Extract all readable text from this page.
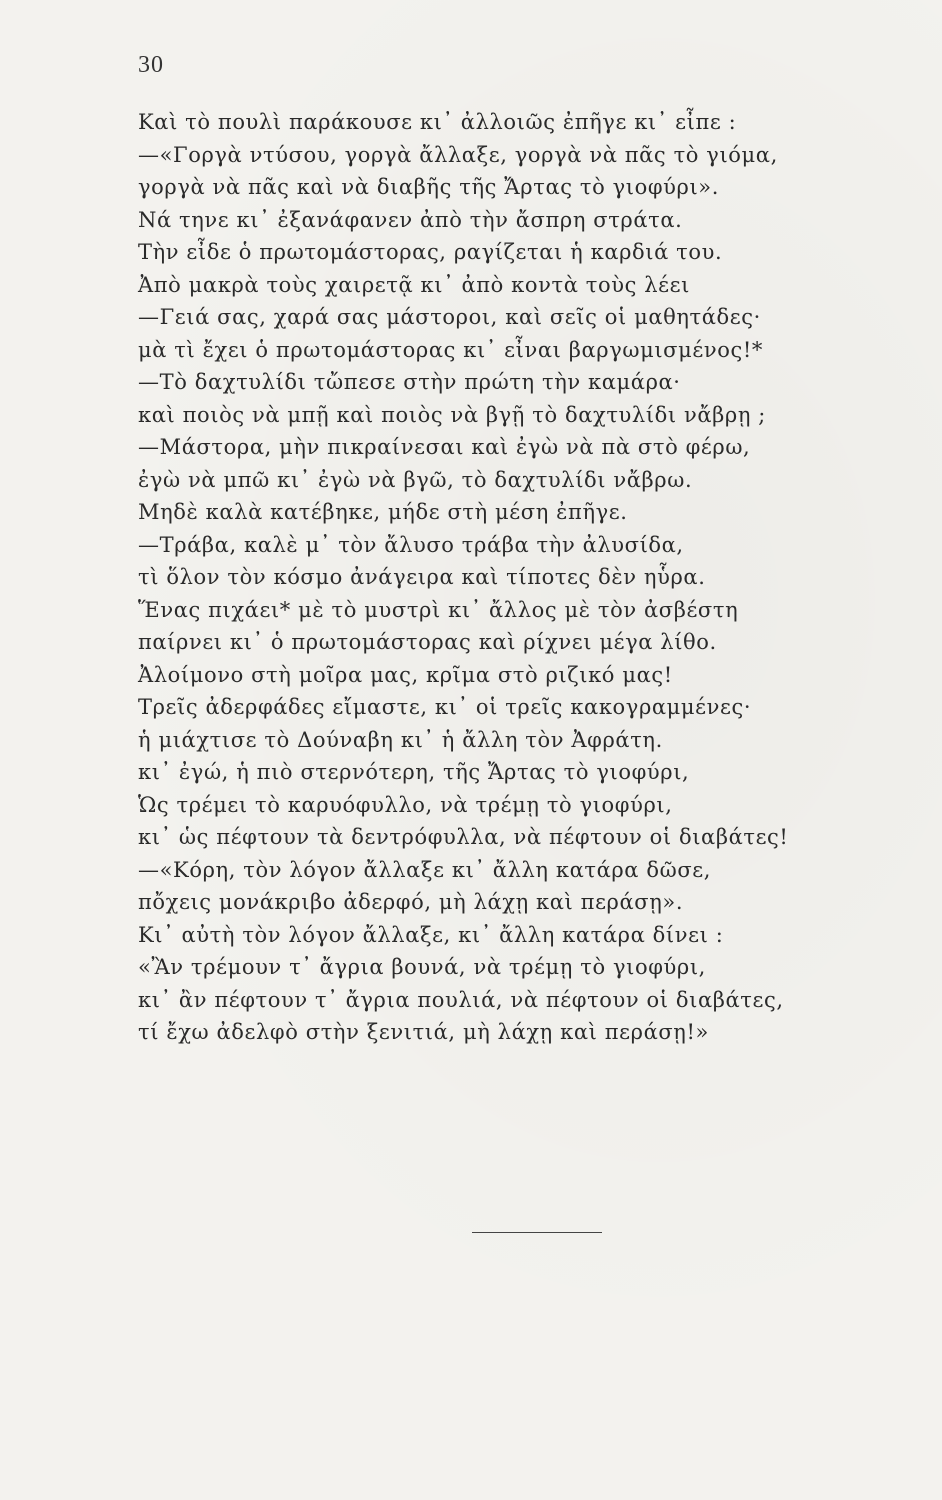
30
Καὶ τὸ πουλὶ παράκουσε κι᾿ ἀλλοιῶς ἐπῆγε κι᾿ εἶπε :
—«Γοργὰ ντύσου, γοργὰ ἄλλαξε, γοργὰ νὰ πᾶς τὸ γιόμα,
γοργὰ νὰ πᾶς καὶ νὰ διαβῆς τῆς Ἄρτας τὸ γιοφύρι».
Νά τηνε κι᾿ ἐξανάφανεν ἀπὸ τὴν ἄσπρη στράτα.
Τὴν εἶδε ὁ πρωτομάστορας, ραγίζεται ἡ καρδιά του.
Ἀπὸ μακρὰ τοὺς χαιρετᾷ κι᾿ ἀπὸ κοντὰ τοὺς λέει
—Γειά σας, χαρά σας μάστοροι, καὶ σεῖς οἱ μαθητάδες·
μὰ τὶ ἔχει ὁ πρωτομάστορας κι᾿ εἶναι βαργωμισμένος!*
—Τὸ δαχτυλίδι τὤπεσε στὴν πρώτη τὴν καμάρα·
καὶ ποιὸς νὰ μπῇ καὶ ποιὸς νὰ βγῇ τὸ δαχτυλίδι νἄβρῃ ;
—Μάστορα, μὴν πικραίνεσαι καὶ ἐγὼ νὰ πὰ στὸ φέρω,
ἐγὼ νὰ μπῶ κι᾿ ἐγὼ νὰ βγῶ, τὸ δαχτυλίδι νἄβρω.
Μηδὲ καλὰ κατέβηκε, μήδε στὴ μέση ἐπῆγε.
—Τράβα, καλὲ μ᾿ τὸν ἄλυσο τράβα τὴν ἀλυσίδα,
τὶ ὅλον τὸν κόσμο ἀνάγειρα καὶ τίποτες δὲν ηὗρα.
Ἕνας πιχάει* μὲ τὸ μυστρὶ κι᾿ ἄλλος μὲ τὸν ἀσβέστη
παίρνει κι᾿ ὁ πρωτομάστορας καὶ ρίχνει μέγα λίθο.
Ἀλοίμονο στὴ μοῖρα μας, κρῖμα στὸ ριζικό μας!
Τρεῖς ἀδερφάδες εἴμαστε, κι᾿ οἱ τρεῖς κακογραμμένες·
ἡ μιάχτισε τὸ Δούναβη κι᾿ ἡ ἄλλη τὸν Ἀφράτη.
κι᾿ ἐγώ, ἡ πιὸ στερνότερη, τῆς Ἄρτας τὸ γιοφύρι,
Ὡς τρέμει τὸ καρυόφυλλο, νὰ τρέμῃ τὸ γιοφύρι,
κι᾿ ὡς πέφτουν τὰ δεντρόφυλλα, νὰ πέφτουν οἱ διαβάτες!
—«Κόρη, τὸν λόγον ἄλλαξε κι᾿ ἄλλη κατάρα δῶσε,
πὄχεις μονάκριβο ἀδερφό, μὴ λάχῃ καὶ περάσῃ».
Κι᾿ αὐτὴ τὸν λόγον ἄλλαξε, κι᾿ ἄλλη κατάρα δίνει :
«Ἂν τρέμουν τ᾿ ἄγρια βουνά, νὰ τρέμῃ τὸ γιοφύρι,
κι᾿ ἂν πέφτουν τ᾿ ἄγρια πουλιά, νὰ πέφτουν οἱ διαβάτες,
τί ἔχω ἀδελφὸ στὴν ξενιτιά, μὴ λάχῃ καὶ περάσῃ!»
